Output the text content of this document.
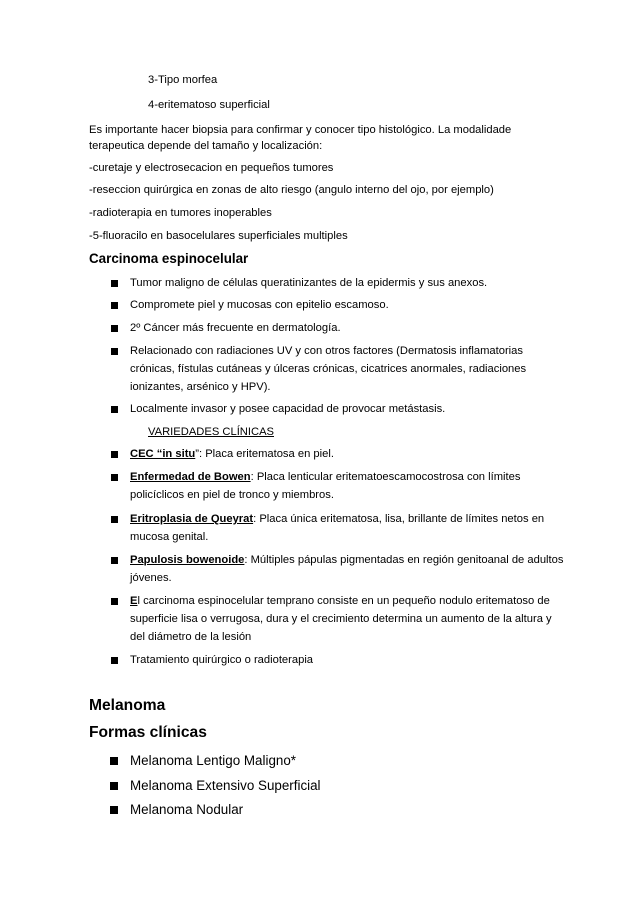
3-Tipo morfea
4-eritematoso superficial
Es importante hacer biopsia para confirmar y conocer tipo histológico. La modalidade
terapeutica depende del tamaño y localización:
-curetaje y electrosecacion en pequeños tumores
-reseccion quirúrgica en zonas de alto riesgo (angulo interno del ojo, por ejemplo)
-radioterapia en tumores inoperables
-5-fluoracilo en basocelulares superficiales multiples
Carcinoma espinocelular
Tumor maligno de células queratinizantes de la epidermis y sus anexos.
Compromete piel y mucosas con epitelio escamoso.
2º Cáncer más frecuente en dermatología.
Relacionado con radiaciones UV y con otros factores (Dermatosis inflamatorias
crónicas, fístulas cutáneas y úlceras crónicas, cicatrices anormales, radiaciones
ionizantes, arsénico y HPV).
Localmente invasor y posee capacidad de provocar metástasis.
VARIEDADES CLÍNICAS
CEC “in situ”: Placa eritematosa en piel.
Enfermedad de Bowen: Placa lenticular eritematoescamocostrosa con límites
policíclicos en piel de tronco y miembros.
Eritroplasia de Queyrat: Placa única eritematosa, lisa, brillante de límites netos en
mucosa genital.
Papulosis bowenoide: Múltiples pápulas pigmentadas en región genitoanal de adultos
jóvenes.
El carcinoma espinocelular temprano consiste en un pequeño nodulo eritematoso de
superficie lisa o verrugosa, dura y el crecimiento determina un aumento de la altura y
del diámetro de la lesión
Tratamiento quirúrgico o radioterapia
Melanoma
Formas clínicas
Melanoma Lentigo Maligno*
Melanoma Extensivo Superficial
Melanoma Nodular
